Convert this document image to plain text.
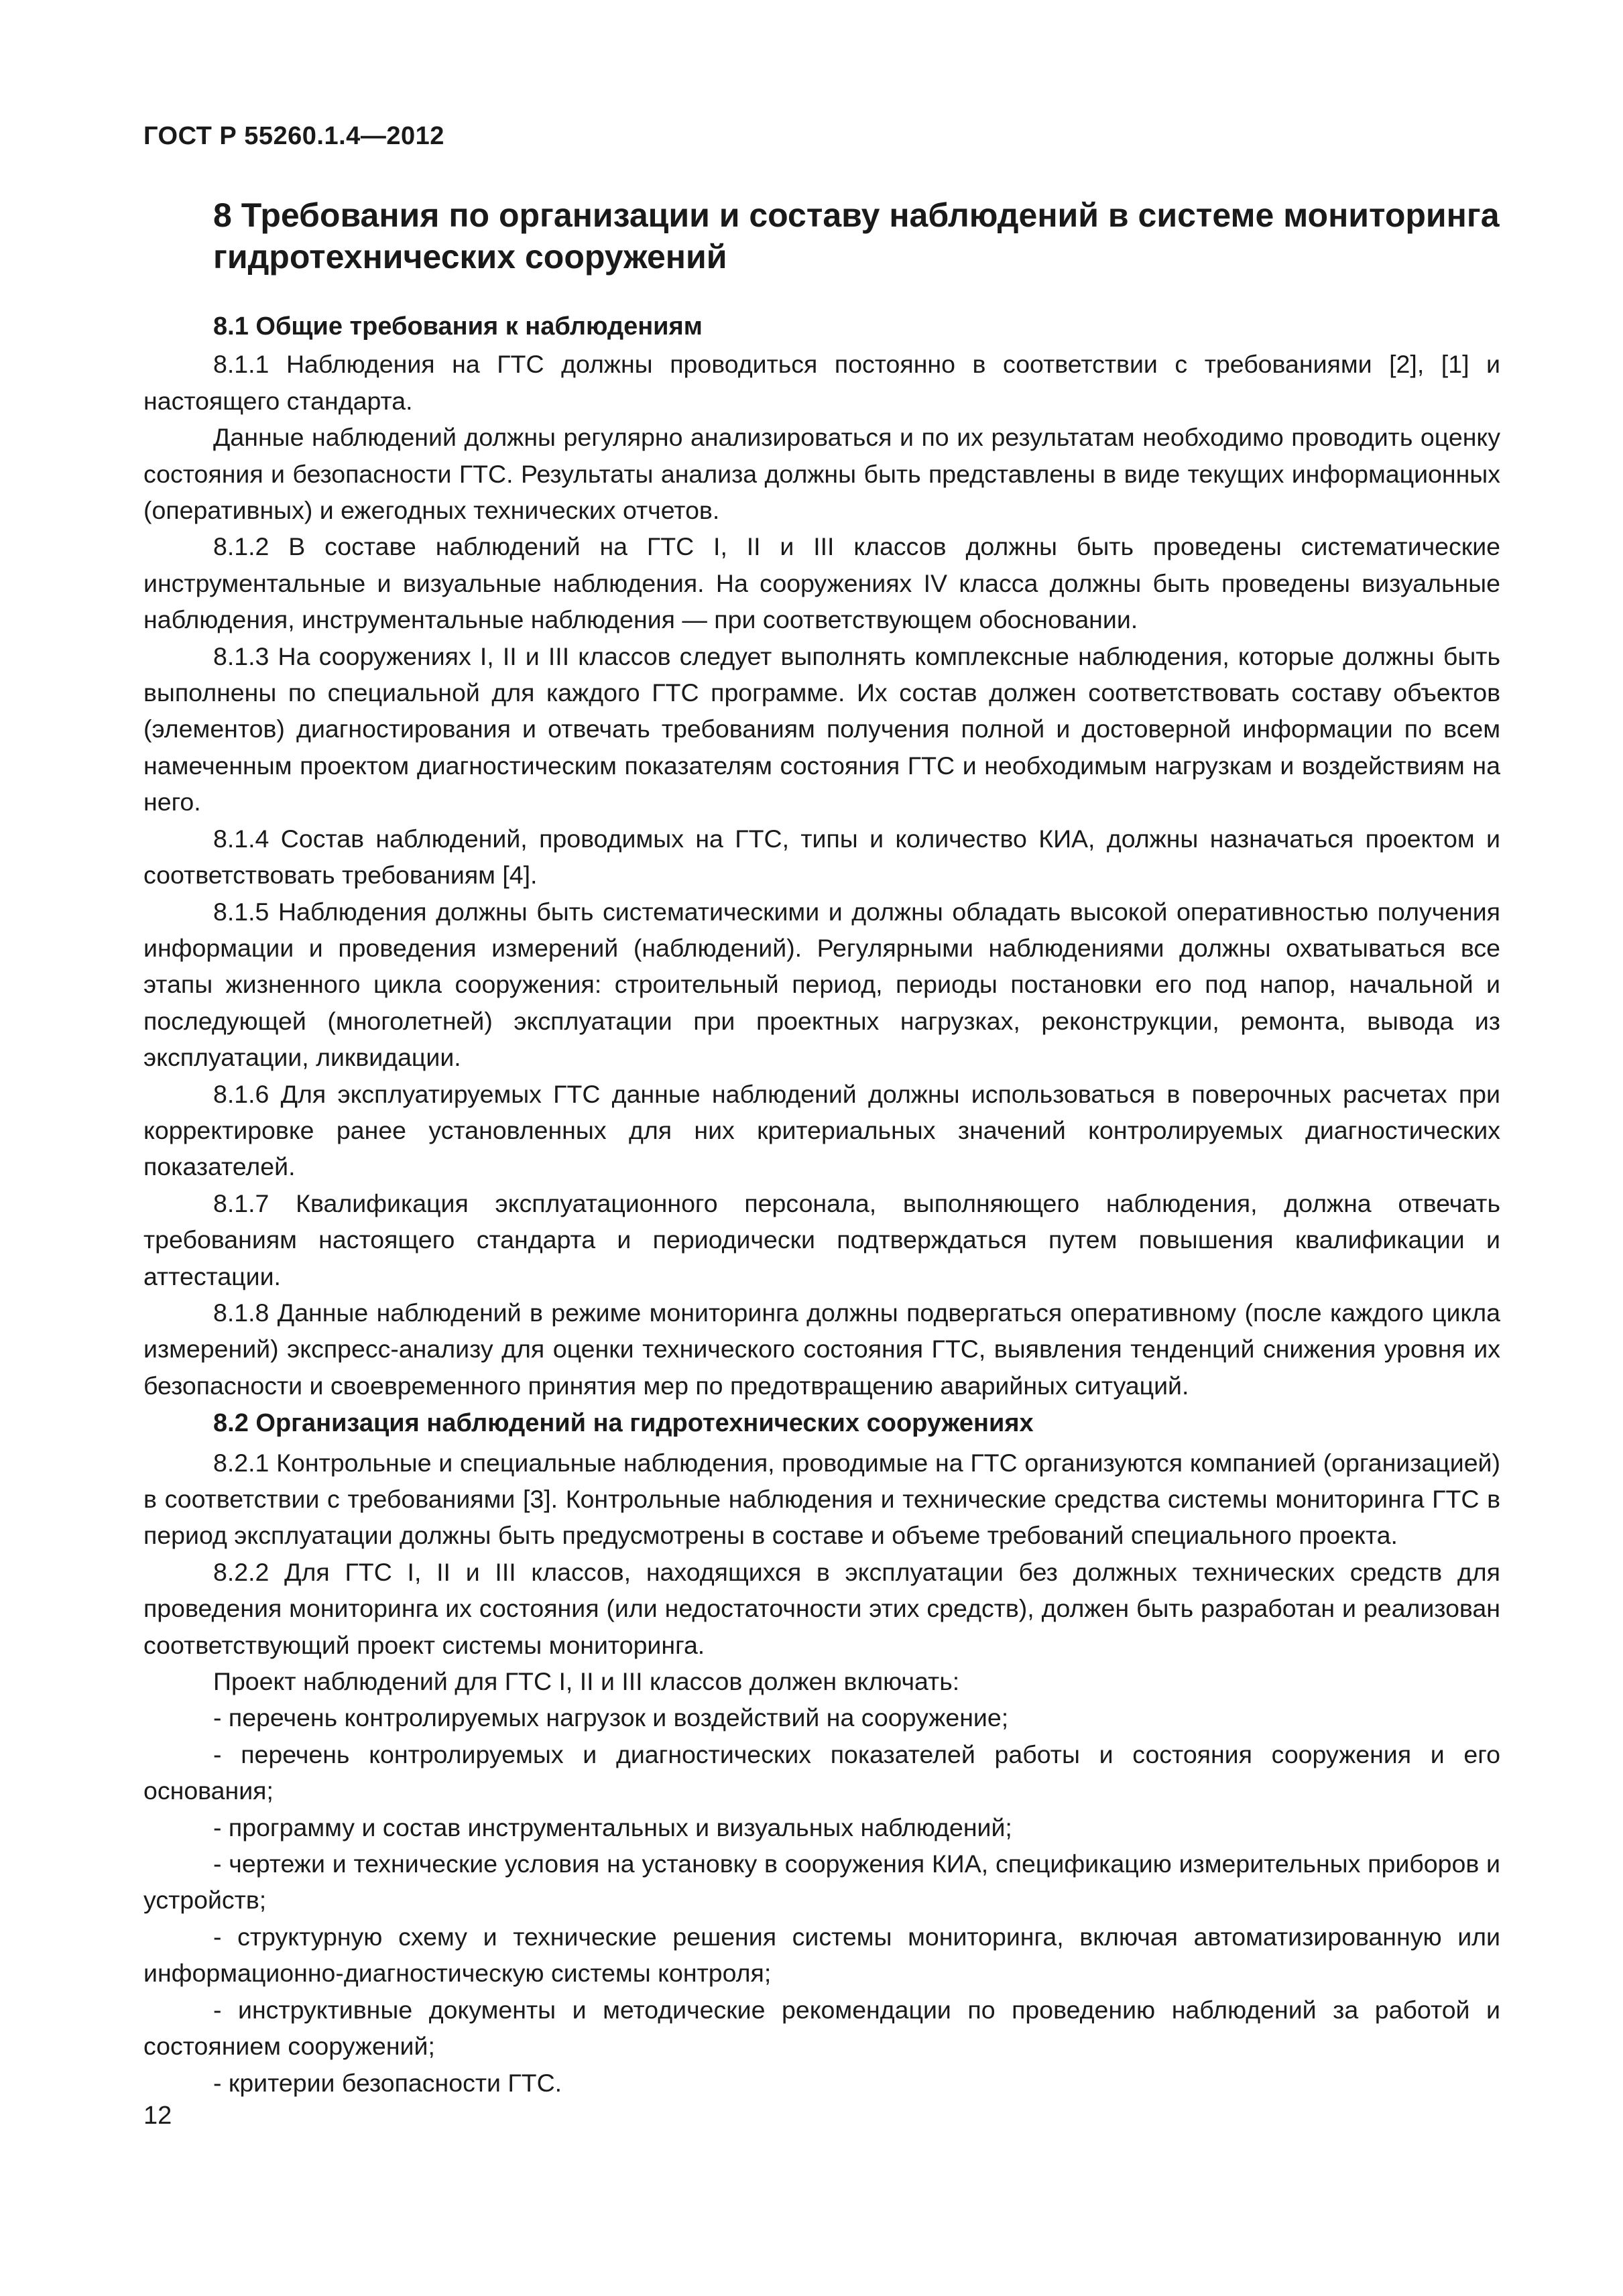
ГОСТ Р 55260.1.4—2012
8 Требования по организации и составу наблюдений в системе мониторинга гидротехнических сооружений
8.1 Общие требования к наблюдениям

8.1.1 Наблюдения на ГТС должны проводиться постоянно в соответствии с требованиями [2], [1] и настоящего стандарта.

Данные наблюдений должны регулярно анализироваться и по их результатам необходимо проводить оценку состояния и безопасности ГТС. Результаты анализа должны быть представлены в виде текущих информационных (оперативных) и ежегодных технических отчетов.

8.1.2 В составе наблюдений на ГТС I, II и III классов должны быть проведены систематические инструментальные и визуальные наблюдения. На сооружениях IV класса должны быть проведены визуальные наблюдения, инструментальные наблюдения — при соответствующем обосновании.

8.1.3 На сооружениях I, II и III классов следует выполнять комплексные наблюдения, которые должны быть выполнены по специальной для каждого ГТС программе. Их состав должен соответствовать составу объектов (элементов) диагностирования и отвечать требованиям получения полной и достоверной информации по всем намеченным проектом диагностическим показателям состояния ГТС и необходимым нагрузкам и воздействиям на него.

8.1.4 Состав наблюдений, проводимых на ГТС, типы и количество КИА, должны назначаться проектом и соответствовать требованиям [4].

8.1.5 Наблюдения должны быть систематическими и должны обладать высокой оперативностью получения информации и проведения измерений (наблюдений). Регулярными наблюдениями должны охватываться все этапы жизненного цикла сооружения: строительный период, периоды постановки его под напор, начальной и последующей (многолетней) эксплуатации при проектных нагрузках, реконструкции, ремонта, вывода из эксплуатации, ликвидации.

8.1.6 Для эксплуатируемых ГТС данные наблюдений должны использоваться в поверочных расчетах при корректировке ранее установленных для них критериальных значений контролируемых диагностических показателей.

8.1.7 Квалификация эксплуатационного персонала, выполняющего наблюдения, должна отвечать требованиям настоящего стандарта и периодически подтверждаться путем повышения квалификации и аттестации.

8.1.8 Данные наблюдений в режиме мониторинга должны подвергаться оперативному (после каждого цикла измерений) экспресс-анализу для оценки технического состояния ГТС, выявления тенденций снижения уровня их безопасности и своевременного принятия мер по предотвращению аварийных ситуаций.

8.2 Организация наблюдений на гидротехнических сооружениях

8.2.1 Контрольные и специальные наблюдения, проводимые на ГТС организуются компанией (организацией) в соответствии с требованиями [3]. Контрольные наблюдения и технические средства системы мониторинга ГТС в период эксплуатации должны быть предусмотрены в составе и объеме требований специального проекта.

8.2.2 Для ГТС I, II и III классов, находящихся в эксплуатации без должных технических средств для проведения мониторинга их состояния (или недостаточности этих средств), должен быть разработан и реализован соответствующий проект системы мониторинга.

Проект наблюдений для ГТС I, II и III классов должен включать:

- перечень контролируемых нагрузок и воздействий на сооружение;

- перечень контролируемых и диагностических показателей работы и состояния сооружения и его основания;

- программу и состав инструментальных и визуальных наблюдений;

- чертежи и технические условия на установку в сооружения КИА, спецификацию измерительных приборов и устройств;

- структурную схему и технические решения системы мониторинга, включая автоматизированную или информационно-диагностическую системы контроля;

- инструктивные документы и методические рекомендации по проведению наблюдений за работой и состоянием сооружений;

- критерии безопасности ГТС.

12
